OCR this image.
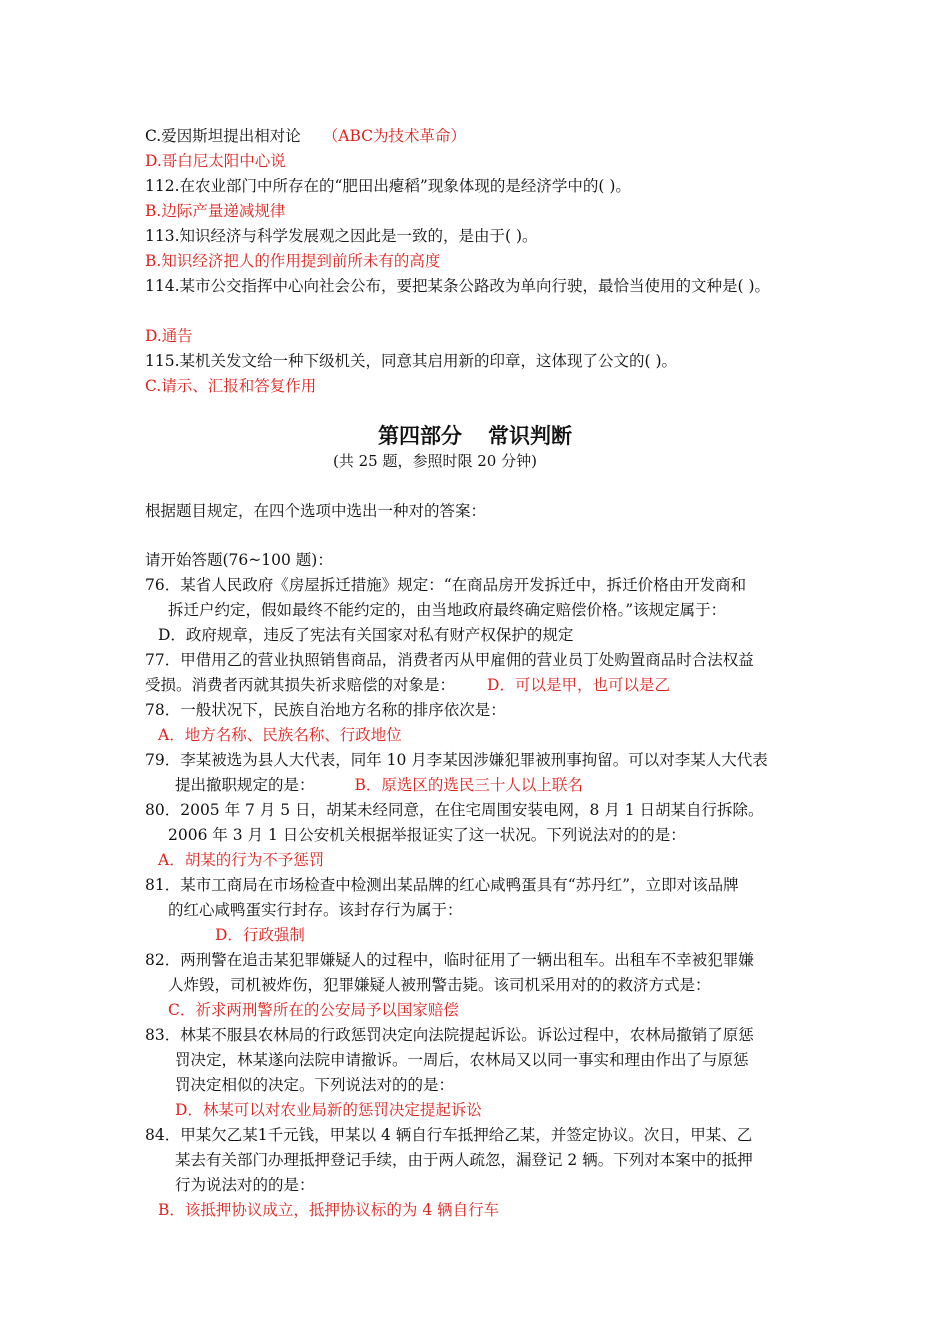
C.爱因斯坦提出相对论 （ABC为技术革命）
D.哥白尼太阳中心说
112.在农业部门中所存在的“肥田出瘪稻”现象体现的是经济学中的( )。
B.边际产量递减规律
113.知识经济与科学发展观之因此是一致的，是由于( )。
B.知识经济把人的作用提到前所未有的高度
114.某市公交指挥中心向社会公布，要把某条公路改为单向行驶，最恰当使用的文种是( )。
D.通告
115.某机关发文给一种下级机关，同意其启用新的印章，这体现了公文的( )。
C.请示、汇报和答复作用
第四部分 常识判断
(共 25 题，参照时限 20 分钟)
根据题目规定，在四个选项中选出一种对的答案：
请开始答题(76~100 题)：
76．某省人民政府《房屋拆迁措施》规定：“在商品房开发拆迁中，拆迁价格由开发商和
拆迁户约定，假如最终不能约定的，由当地政府最终确定赔偿价格。”该规定属于：
D．政府规章，违反了宪法有关国家对私有财产权保护的规定
77．甲借用乙的营业执照销售商品，消费者丙从甲雇佣的营业员丁处购置商品时合法权益
受损。消费者丙就其损失祈求赔偿的对象是： D．可以是甲，也可以是乙
78．一般状况下，民族自治地方名称的排序依次是：
A．地方名称、民族名称、行政地位
79．李某被选为县人大代表，同年 10 月李某因涉嫌犯罪被刑事拘留。可以对李某人大代表
提出撤职规定的是：	B．原选区的选民三十人以上联名
80．2005 年 7 月 5 日，胡某未经同意，在住宅周围安装电网，8 月 1 日胡某自行拆除。
2006 年 3 月 1 日公安机关根据举报证实了这一状况。下列说法对的的是：
A．胡某的行为不予惩罚
81．某市工商局在市场检查中检测出某品牌的红心咸鸭蛋具有“苏丹红”，立即对该品牌
的红心咸鸭蛋实行封存。该封存行为属于：
D．行政强制
82．两刑警在追击某犯罪嫌疑人的过程中，临时征用了一辆出租车。出租车不幸被犯罪嫌
人炸毁，司机被炸伤，犯罪嫌疑人被刑警击毙。该司机采用对的的救济方式是：
C．祈求两刑警所在的公安局予以国家赔偿
83．林某不服县农林局的行政惩罚决定向法院提起诉讼。诉讼过程中，农林局撤销了原惩
罚决定，林某遂向法院申请撤诉。一周后，农林局又以同一事实和理由作出了与原惩
罚决定相似的决定。下列说法对的的是：
D．林某可以对农业局新的惩罚决定提起诉讼
84．甲某欠乙某1千元钱，甲某以 4 辆自行车抵押给乙某，并签定协议。次日，甲某、乙
某去有关部门办理抵押登记手续，由于两人疏忽，漏登记 2 辆。下列对本案中的抵押
行为说法对的的是：
B．该抵押协议成立，抵押协议标的为 4 辆自行车
